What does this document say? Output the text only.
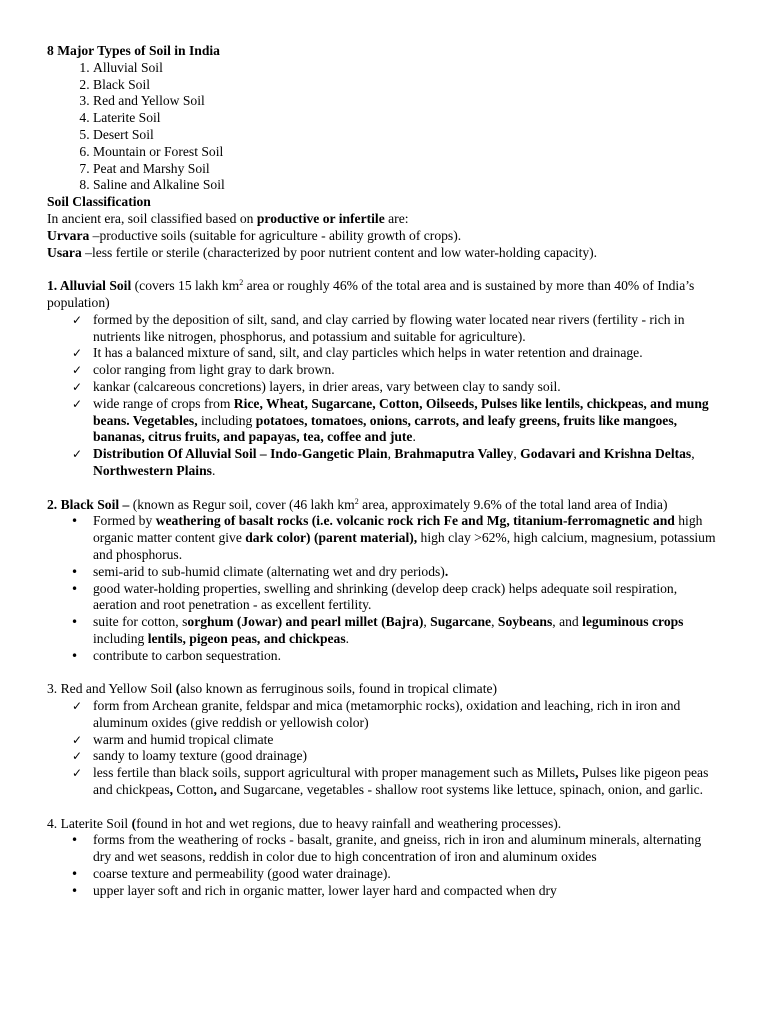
8 Major Types of Soil in India

1. Alluvial Soil
2. Black Soil
3. Red and Yellow Soil
4. Laterite Soil
5. Desert Soil
6. Mountain or Forest Soil
7. Peat and Marshy Soil
8. Saline and Alkaline Soil

Soil Classification

In ancient era, soil classified based on productive or infertile are:

Urvara –productive soils (suitable for agriculture - ability growth of crops).

Usara –less fertile or sterile (characterized by poor nutrient content and low water-holding capacity).

1. Alluvial Soil (covers 15 lakh $km^2$ area or roughly 46% of the total area and is sustained by more than 40% of India’s population)

✓ formed by the deposition of silt, sand, and clay carried by flowing water located near rivers (fertility - rich in nutrients like nitrogen, phosphorus, and potassium and suitable for agriculture).
✓ It has a balanced mixture of sand, silt, and clay particles which helps in water retention and drainage.
✓ color ranging from light gray to dark brown.
✓ kankar (calcareous concretions) layers, in drier areas, vary between clay to sandy soil.
✓ wide range of crops from Rice, Wheat, Sugarcane, Cotton, Oilseeds, Pulses like lentils, chickpeas, and mung beans. Vegetables, including potatoes, tomatoes, onions, carrots, and leafy greens, fruits like mangoes, bananas, citrus fruits, and papayas, tea, coffee and jute.
✓ Distribution Of Alluvial Soil – Indo-Gangetic Plain, Brahmaputra Valley, Godavari and Krishna Deltas, Northwestern Plains.

2. Black Soil – (known as Regur soil, cover (46 lakh $km^2$ area, approximately 9.6% of the total land area of India)

• Formed by weathering of basalt rocks (i.e. volcanic rock rich Fe and Mg, titanium-ferromagnetic and high organic matter content give dark color) (parent material), high clay >62%, high calcium, magnesium, potassium and phosphorus.
• semi-arid to sub-humid climate (alternating wet and dry periods).
• good water-holding properties, swelling and shrinking (develop deep crack) helps adequate soil respiration, aeration and root penetration - as excellent fertility.
• suite for cotton, sorghum (Jowar) and pearl millet (Bajra), Sugarcane, Soybeans, and leguminous crops including lentils, pigeon peas, and chickpeas.
• contribute to carbon sequestration.

3. Red and Yellow Soil (also known as ferruginous soils, found in tropical climate)

✓ form from Archean granite, feldspar and mica (metamorphic rocks), oxidation and leaching, rich in iron and aluminum oxides (give reddish or yellowish color)
✓ warm and humid tropical climate
✓ sandy to loamy texture (good drainage)
✓ less fertile than black soils, support agricultural with proper management such as Millets, Pulses like pigeon peas and chickpeas, Cotton, and Sugarcane, vegetables - shallow root systems like lettuce, spinach, onion, and garlic.

4. Laterite Soil (found in hot and wet regions, due to heavy rainfall and weathering processes).

• forms from the weathering of rocks - basalt, granite, and gneiss, rich in iron and aluminum minerals, alternating dry and wet seasons, reddish in color due to high concentration of iron and aluminum oxides
• coarse texture and permeability (good water drainage).
• upper layer soft and rich in organic matter, lower layer hard and compacted when dry
